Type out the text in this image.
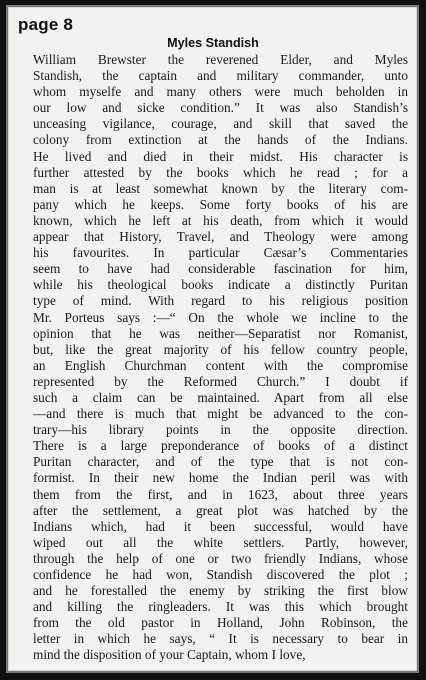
page 8
Myles Standish
William Brewster the reverened Elder, and Myles
Standish, the captain and military commander, unto
whom myselfe and many others were much beholden in
our low and sicke condition.” It was also Standish’s
unceasing vigilance, courage, and skill that saved the
colony from extinction at the hands of the Indians.
He lived and died in their midst. His character is
further attested by the books which he read ; for a
man is at least somewhat known by the literary com-
pany which he keeps. Some forty books of his are
known, which he left at his death, from which it would
appear that History, Travel, and Theology were among
his favourites. In particular Cæsar’s Commentaries
seem to have had considerable fascination for him,
while his theological books indicate a distinctly Puritan
type of mind. With regard to his religious position
Mr. Porteus says :—“ On the whole we incline to the
opinion that he was neither—Separatist nor Romanist,
but, like the great majority of his fellow country people,
an English Churchman content with the compromise
represented by the Reformed Church.” I doubt if
such a claim can be maintained. Apart from all else
—and there is much that might be advanced to the con-
trary—his library points in the opposite direction.
There is a large preponderance of books of a distinct
Puritan character, and of the type that is not con-
formist. In their new home the Indian peril was with
them from the first, and in 1623, about three years
after the settlement, a great plot was hatched by the
Indians which, had it been successful, would have
wiped out all the white settlers. Partly, however,
through the help of one or two friendly Indians, whose
confidence he had won, Standish discovered the plot ;
and he forestalled the enemy by striking the first blow
and killing the ringleaders. It was this which brought
from the old pastor in Holland, John Robinson, the
letter in which he says, “ It is necessary to bear in
mind the disposition of your Captain, whom I love,
